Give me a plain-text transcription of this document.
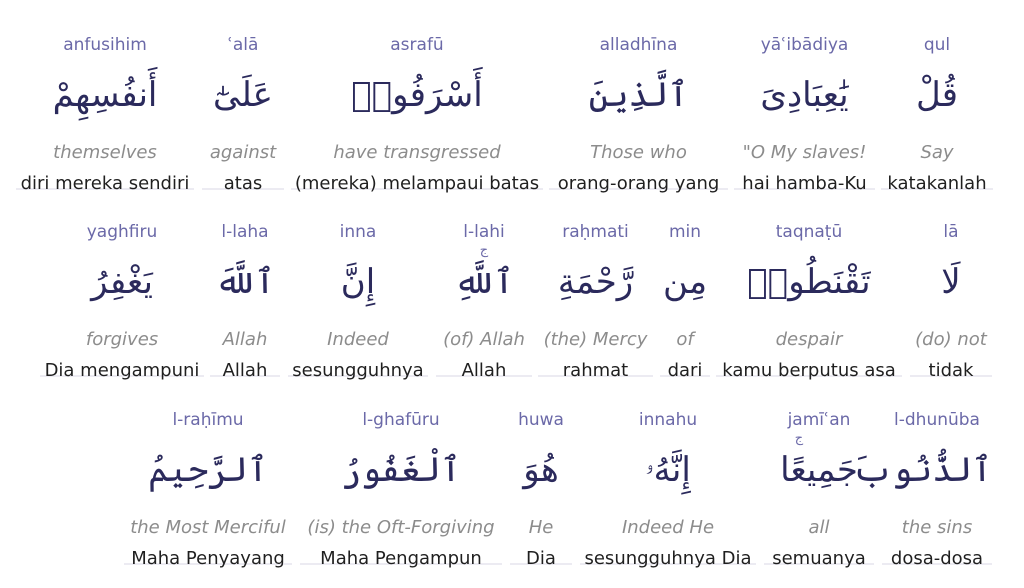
qul
قُلْ
Say
katakanlah
yāʿibādiya
يَٰعِبَادِىَ
"O My slaves!
hai hamba-Ku
alladhīna
ٱلَّذِينَ
Those who
orang-orang yang
asrafū
أَسْرَفُوا۟
have transgressed
(mereka) melampaui batas
ʿalā
عَلَىٰٓ
against
atas
anfusihim
أَنفُسِهِمْ
themselves
diri mereka sendiri
lā
لَا
(do) not
tidak
taqnaṭū
تَقْنَطُوا۟
despair
kamu berputus asa
min
مِن
of
dari
raḥmati
رَّحْمَةِ
(the) Mercy
rahmat
l-lahi
ج
ٱللَّهِ
(of) Allah
Allah
inna
إِنَّ
Indeed
sesungguhnya
l-laha
ٱللَّهَ
Allah
Allah
yaghfiru
يَغْفِرُ
forgives
Dia mengampuni
l-dhunūba
ٱلذُّنُوبَ
the sins
dosa-dosa
jamīʿan
ج
جَمِيعًا
all
semuanya
innahu
إِنَّهُۥ
Indeed He
sesungguhnya Dia
huwa
هُوَ
He
Dia
l-ghafūru
ٱلْغَفُورُ
(is) the Oft-Forgiving
Maha Pengampun
l-raḥīmu
ٱلرَّحِيمُ
the Most Merciful
Maha Penyayang
